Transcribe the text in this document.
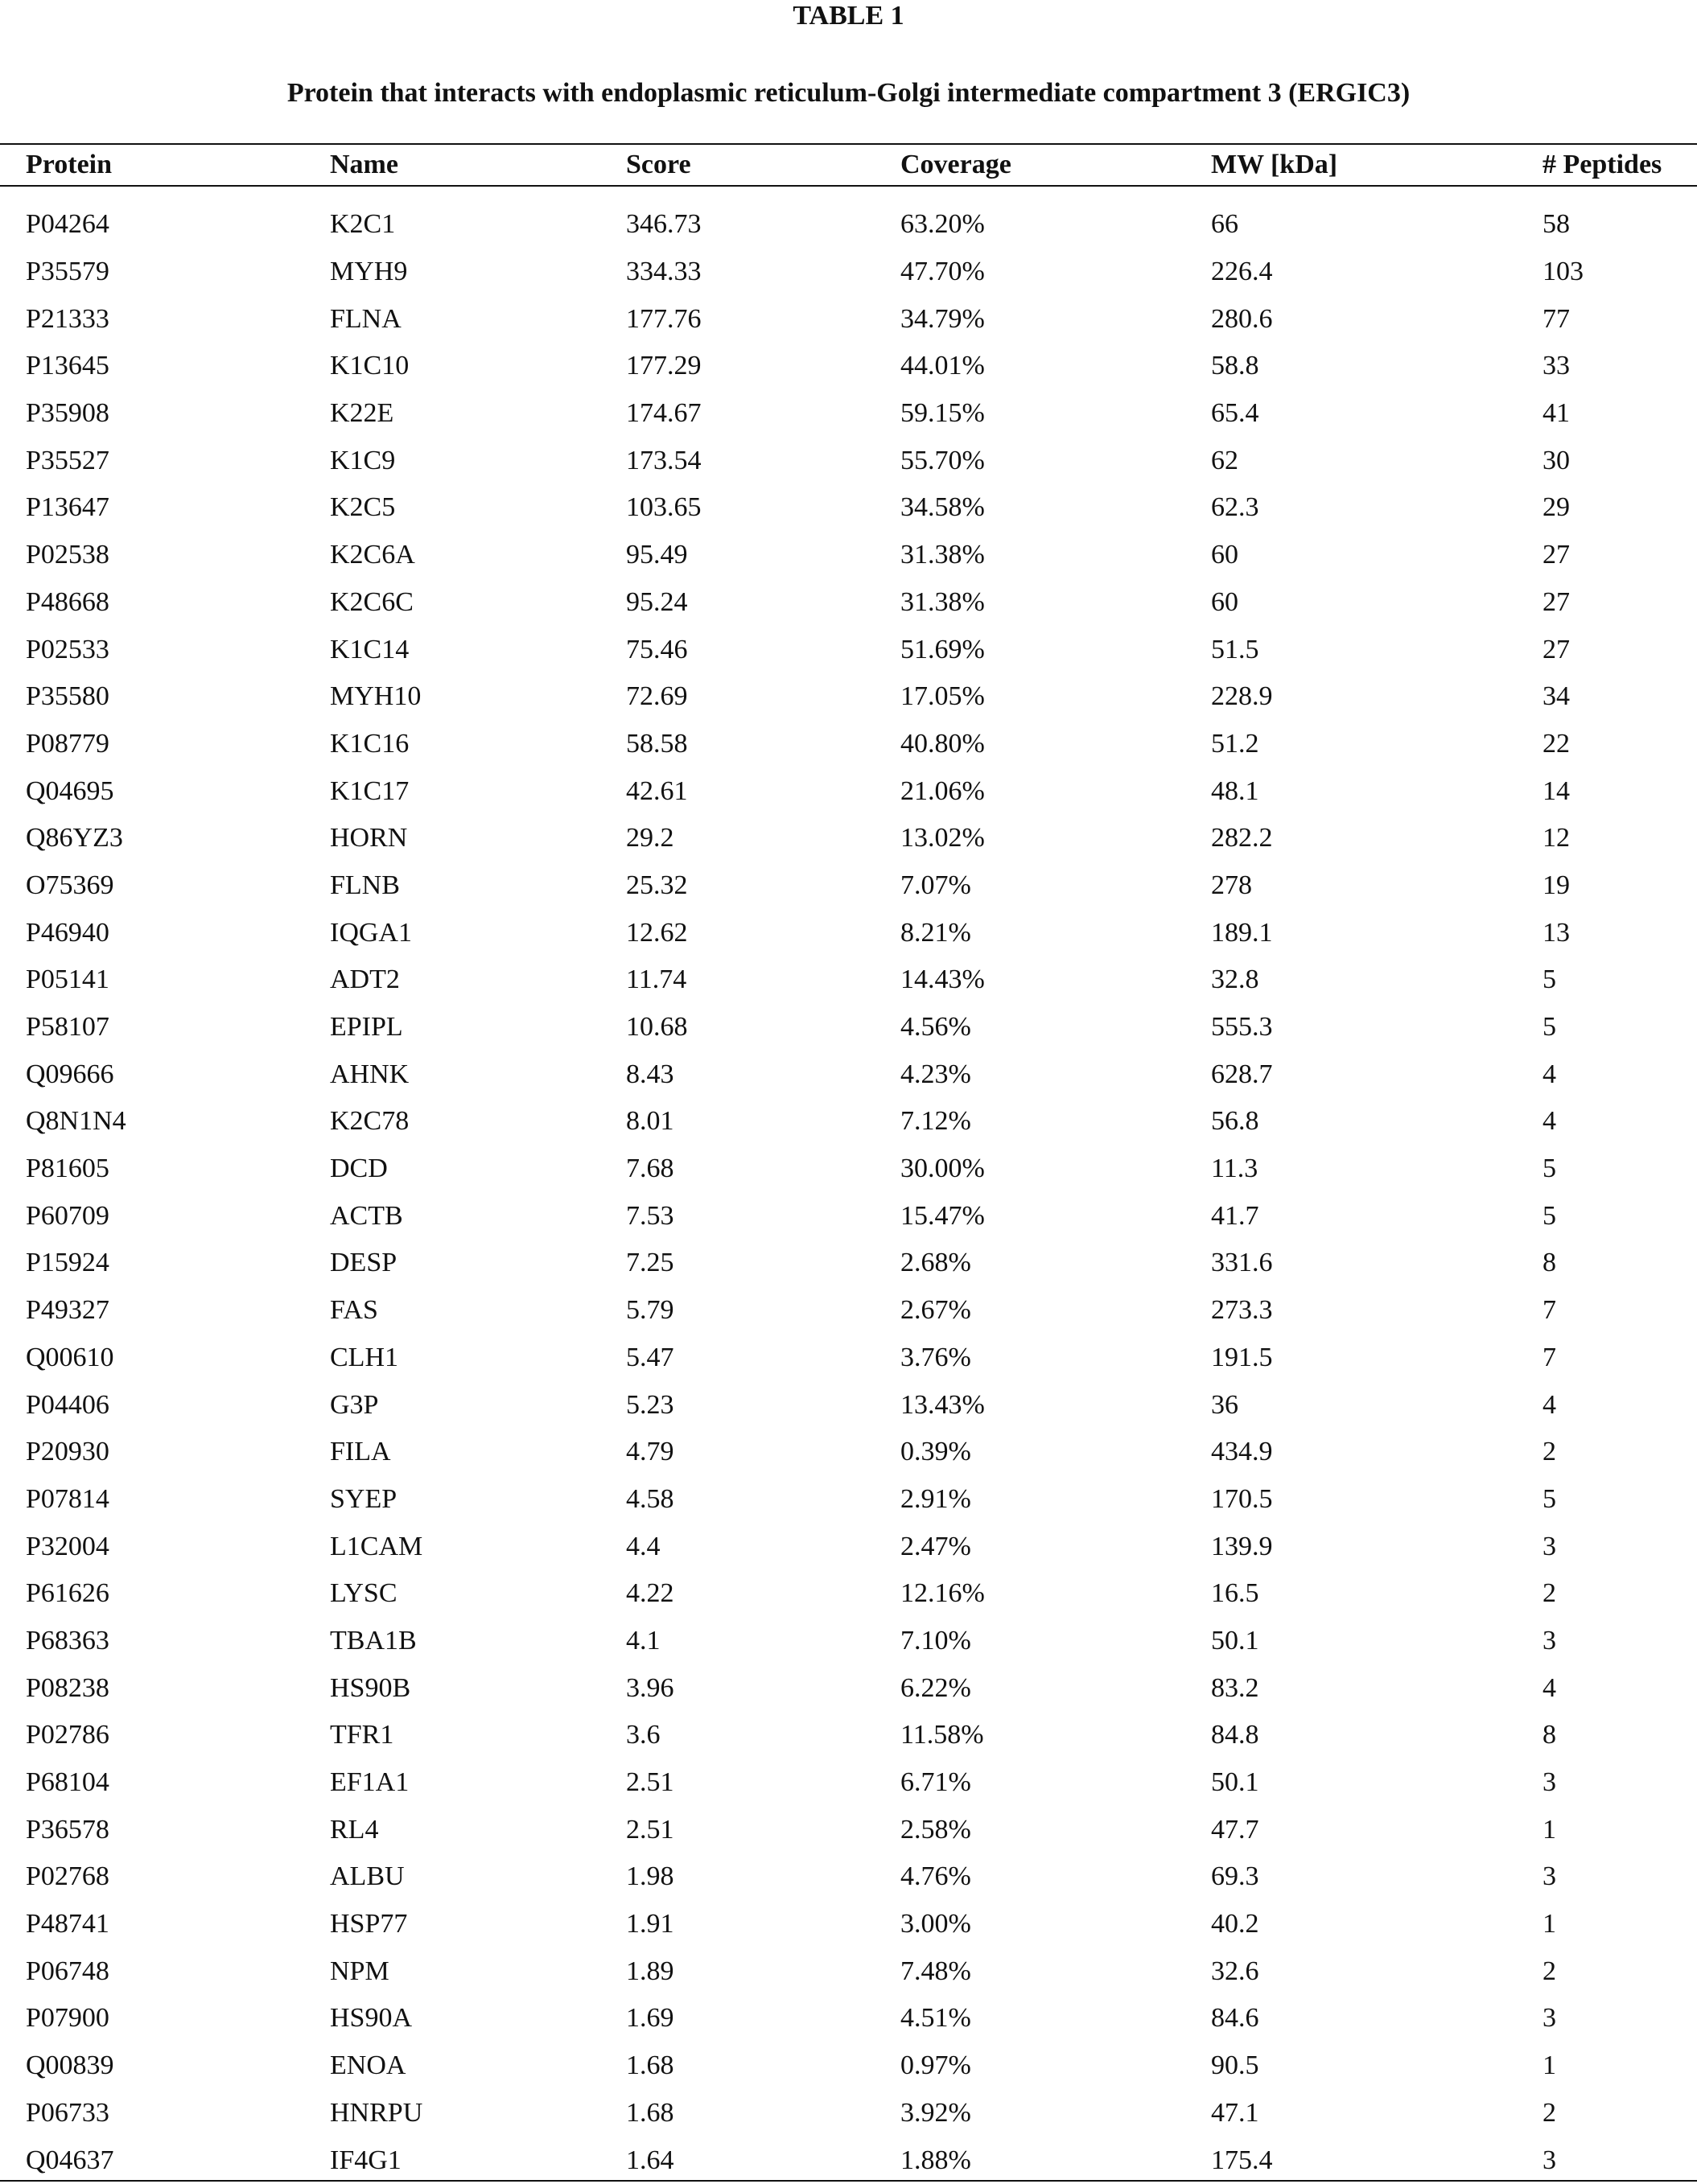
TABLE 1
Protein that interacts with endoplasmic reticulum-Golgi intermediate compartment 3 (ERGIC3)
Protein	Name	Score	Coverage	MW [kDa]	# Peptides
P04264	K2C1	346.73	63.20%	66	58
P35579	MYH9	334.33	47.70%	226.4	103
P21333	FLNA	177.76	34.79%	280.6	77
P13645	K1C10	177.29	44.01%	58.8	33
P35908	K22E	174.67	59.15%	65.4	41
P35527	K1C9	173.54	55.70%	62	30
P13647	K2C5	103.65	34.58%	62.3	29
P02538	K2C6A	95.49	31.38%	60	27
P48668	K2C6C	95.24	31.38%	60	27
P02533	K1C14	75.46	51.69%	51.5	27
P35580	MYH10	72.69	17.05%	228.9	34
P08779	K1C16	58.58	40.80%	51.2	22
Q04695	K1C17	42.61	21.06%	48.1	14
Q86YZ3	HORN	29.2	13.02%	282.2	12
O75369	FLNB	25.32	7.07%	278	19
P46940	IQGA1	12.62	8.21%	189.1	13
P05141	ADT2	11.74	14.43%	32.8	5
P58107	EPIPL	10.68	4.56%	555.3	5
Q09666	AHNK	8.43	4.23%	628.7	4
Q8N1N4	K2C78	8.01	7.12%	56.8	4
P81605	DCD	7.68	30.00%	11.3	5
P60709	ACTB	7.53	15.47%	41.7	5
P15924	DESP	7.25	2.68%	331.6	8
P49327	FAS	5.79	2.67%	273.3	7
Q00610	CLH1	5.47	3.76%	191.5	7
P04406	G3P	5.23	13.43%	36	4
P20930	FILA	4.79	0.39%	434.9	2
P07814	SYEP	4.58	2.91%	170.5	5
P32004	L1CAM	4.4	2.47%	139.9	3
P61626	LYSC	4.22	12.16%	16.5	2
P68363	TBA1B	4.1	7.10%	50.1	3
P08238	HS90B	3.96	6.22%	83.2	4
P02786	TFR1	3.6	11.58%	84.8	8
P68104	EF1A1	2.51	6.71%	50.1	3
P36578	RL4	2.51	2.58%	47.7	1
P02768	ALBU	1.98	4.76%	69.3	3
P48741	HSP77	1.91	3.00%	40.2	1
P06748	NPM	1.89	7.48%	32.6	2
P07900	HS90A	1.69	4.51%	84.6	3
Q00839	ENOA	1.68	0.97%	90.5	1
P06733	HNRPU	1.68	3.92%	47.1	2
Q04637	IF4G1	1.64	1.88%	175.4	3
